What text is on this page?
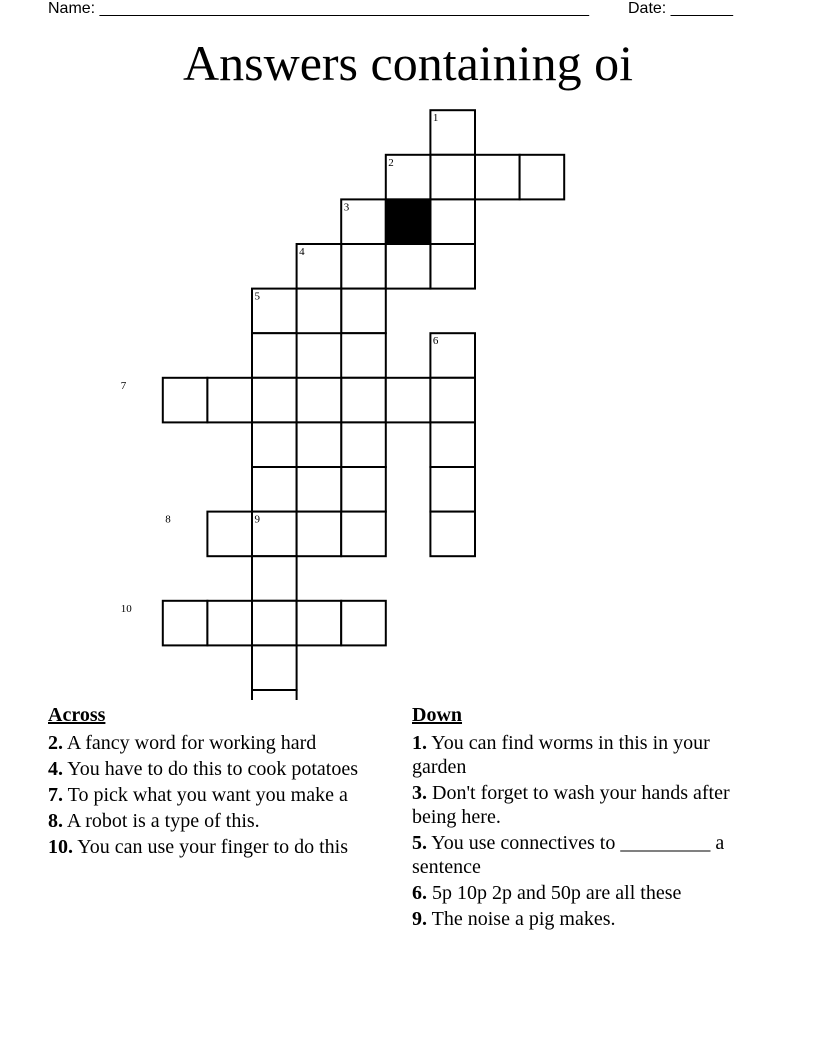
Name: _______________________________________________________ Date: _______
Answers containing oi
1
2
3
4
5
6
7
8	9
10
Across
2. A fancy word for working hard
4. You have to do this to cook potatoes
7. To pick what you want you make a
8. A robot is a type of this.
10. You can use your finger to do this
Down
1. You can find worms in this in your garden
3. Don't forget to wash your hands after being here.
5. You use connectives to _________ a sentence
6. 5p 10p 2p and 50p are all these
9. The noise a pig makes.
